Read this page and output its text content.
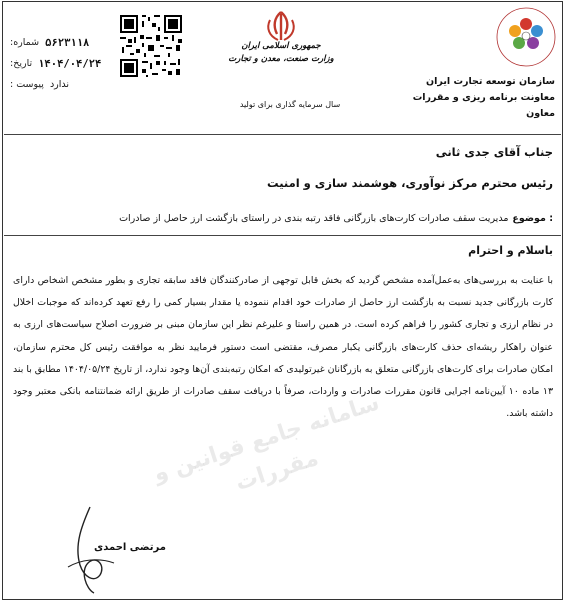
سازمان توسعه تجارت ایران
معاونت برنامه ریزی و مقررات
معاون
جمهوری اسلامی ایران
وزارت صنعت، معدن و تجارت
سال سرمایه گذاری برای تولید
شماره: ۵۶۲۳۱۱۸
تاریخ: ۱۴۰۴/۰۴/۲۴
پیوست : ندارد
جناب آقای جدی ثانی
رئیس محترم مرکز نوآوری، هوشمند سازی و امنیت
موضوع :
مدیریت سقف صادرات کارت‌های بازرگانی فاقد رتبه بندی در راستای بازگشت ارز حاصل از صادرات
باسلام و احترام
با عنایت به بررسی‌های به‌عمل‌آمده مشخص گردید که بخش قابل توجهی از صادرکنندگان فاقد سابقه تجاری و بطور مشخص اشخاص دارای کارت بازرگانی جدید نسبت به بازگشت ارز حاصل از صادرات خود اقدام ننموده یا مقدار بسیار کمی را رفع تعهد کرده‌اند که موجبات اخلال در نظام ارزی و تجاری کشور را فراهم کرده است. در همین راستا و علیرغم نظر این سازمان مبنی بر ضرورت اصلاح سیاست‌های ارزی به عنوان راهکار ریشه‌ای حذف کارت‌های بازرگانی یکبار مصرف، مقتضی است دستور فرمایید نظر به موافقت رئیس کل محترم سازمان، امکان صادرات برای کارت‌های بازرگانی متعلق به بازرگانان غیرتولیدی که امکان رتبه‌بندی آن‌ها وجود ندارد، از تاریخ ۱۴۰۴/۰۵/۲۴ مطابق با بند ۱۳ ماده ۱۰ آیین‌نامه اجرایی قانون مقررات صادرات و واردات، صرفاً با دریافت سقف صادرات از طریق ارائه ضمانتنامه بانکی معتبر وجود داشته باشد.
سامانه جامع قوانین و مقررات
مرتضی احمدی
